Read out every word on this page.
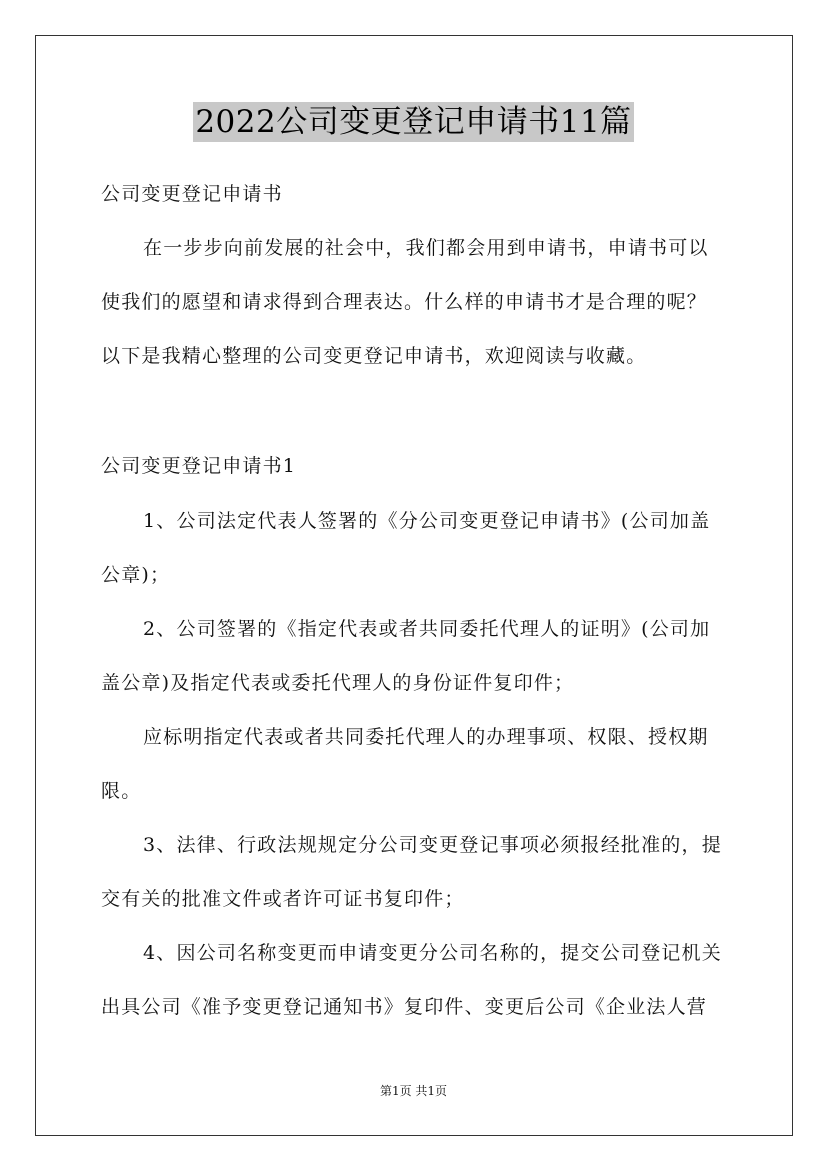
2022公司变更登记申请书11篇
公司变更登记申请书
在一步步向前发展的社会中，我们都会用到申请书，申请书可以
使我们的愿望和请求得到合理表达。什么样的申请书才是合理的呢？
以下是我精心整理的公司变更登记申请书，欢迎阅读与收藏。
公司变更登记申请书1
1、公司法定代表人签署的《分公司变更登记申请书》(公司加盖
公章)；
2、公司签署的《指定代表或者共同委托代理人的证明》(公司加
盖公章)及指定代表或委托代理人的身份证件复印件；
应标明指定代表或者共同委托代理人的办理事项、权限、授权期
限。
3、法律、行政法规规定分公司变更登记事项必须报经批准的，提
交有关的批准文件或者许可证书复印件；
4、因公司名称变更而申请变更分公司名称的，提交公司登记机关
出具公司《准予变更登记通知书》复印件、变更后公司《企业法人营
第1页 共1页
